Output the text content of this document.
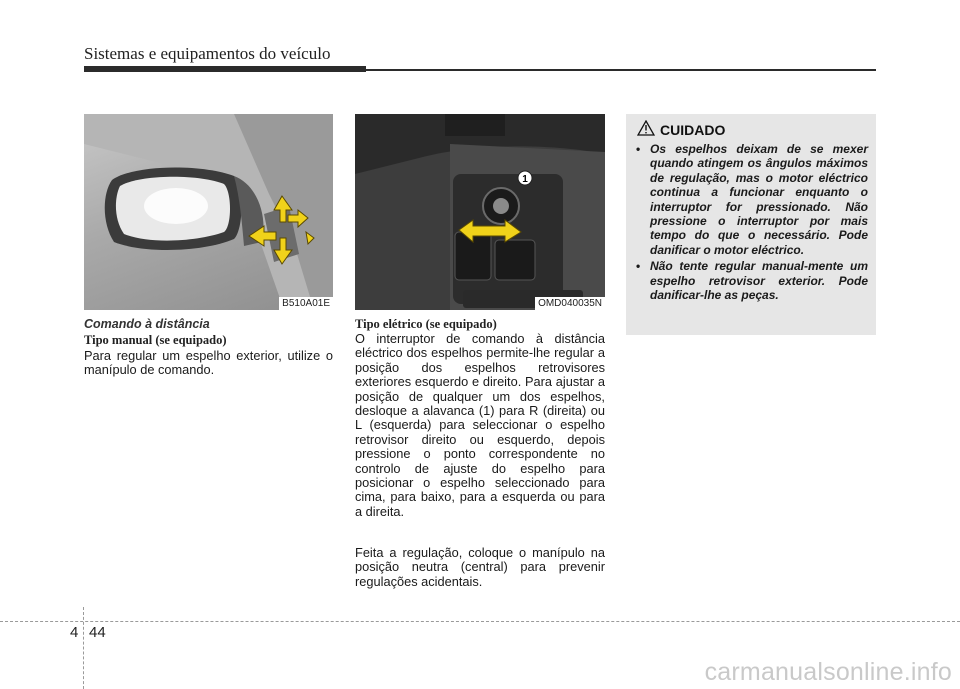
Sistemas e equipamentos do veículo
B510A01E
1
OMD040035N
Comando à distância
Tipo manual (se equipado)
Para regular um espelho exterior, utilize o manípulo de comando.
Tipo elétrico (se equipado)
O interruptor de comando à distância eléctrico dos espelhos permite-lhe regular a posição dos espelhos retrovisores exteriores esquerdo e direito. Para ajustar a posição de qualquer um dos espelhos, desloque a alavanca (1) para R (direita) ou L (esquerda) para seleccionar o espelho retrovisor direito ou esquerdo, depois pressione o ponto correspondente no controlo de ajuste do espelho para posicionar o espelho seleccionado para cima, para baixo, para a esquerda ou para a direita.
Feita a regulação, coloque o manípulo na posição neutra (central) para prevenir regulações acidentais.
CUIDADO
• Os espelhos deixam de se mexer quando atingem os ângulos máximos de regulação, mas o motor eléctrico continua a funcionar enquanto o interruptor for pressionado. Não pressione o interruptor por mais tempo do que o necessário. Pode danificar o motor eléctrico.
• Não tente regular manual-mente um espelho retrovisor exterior. Pode danificar-lhe as peças.
4 44
carmanualsonline.info
